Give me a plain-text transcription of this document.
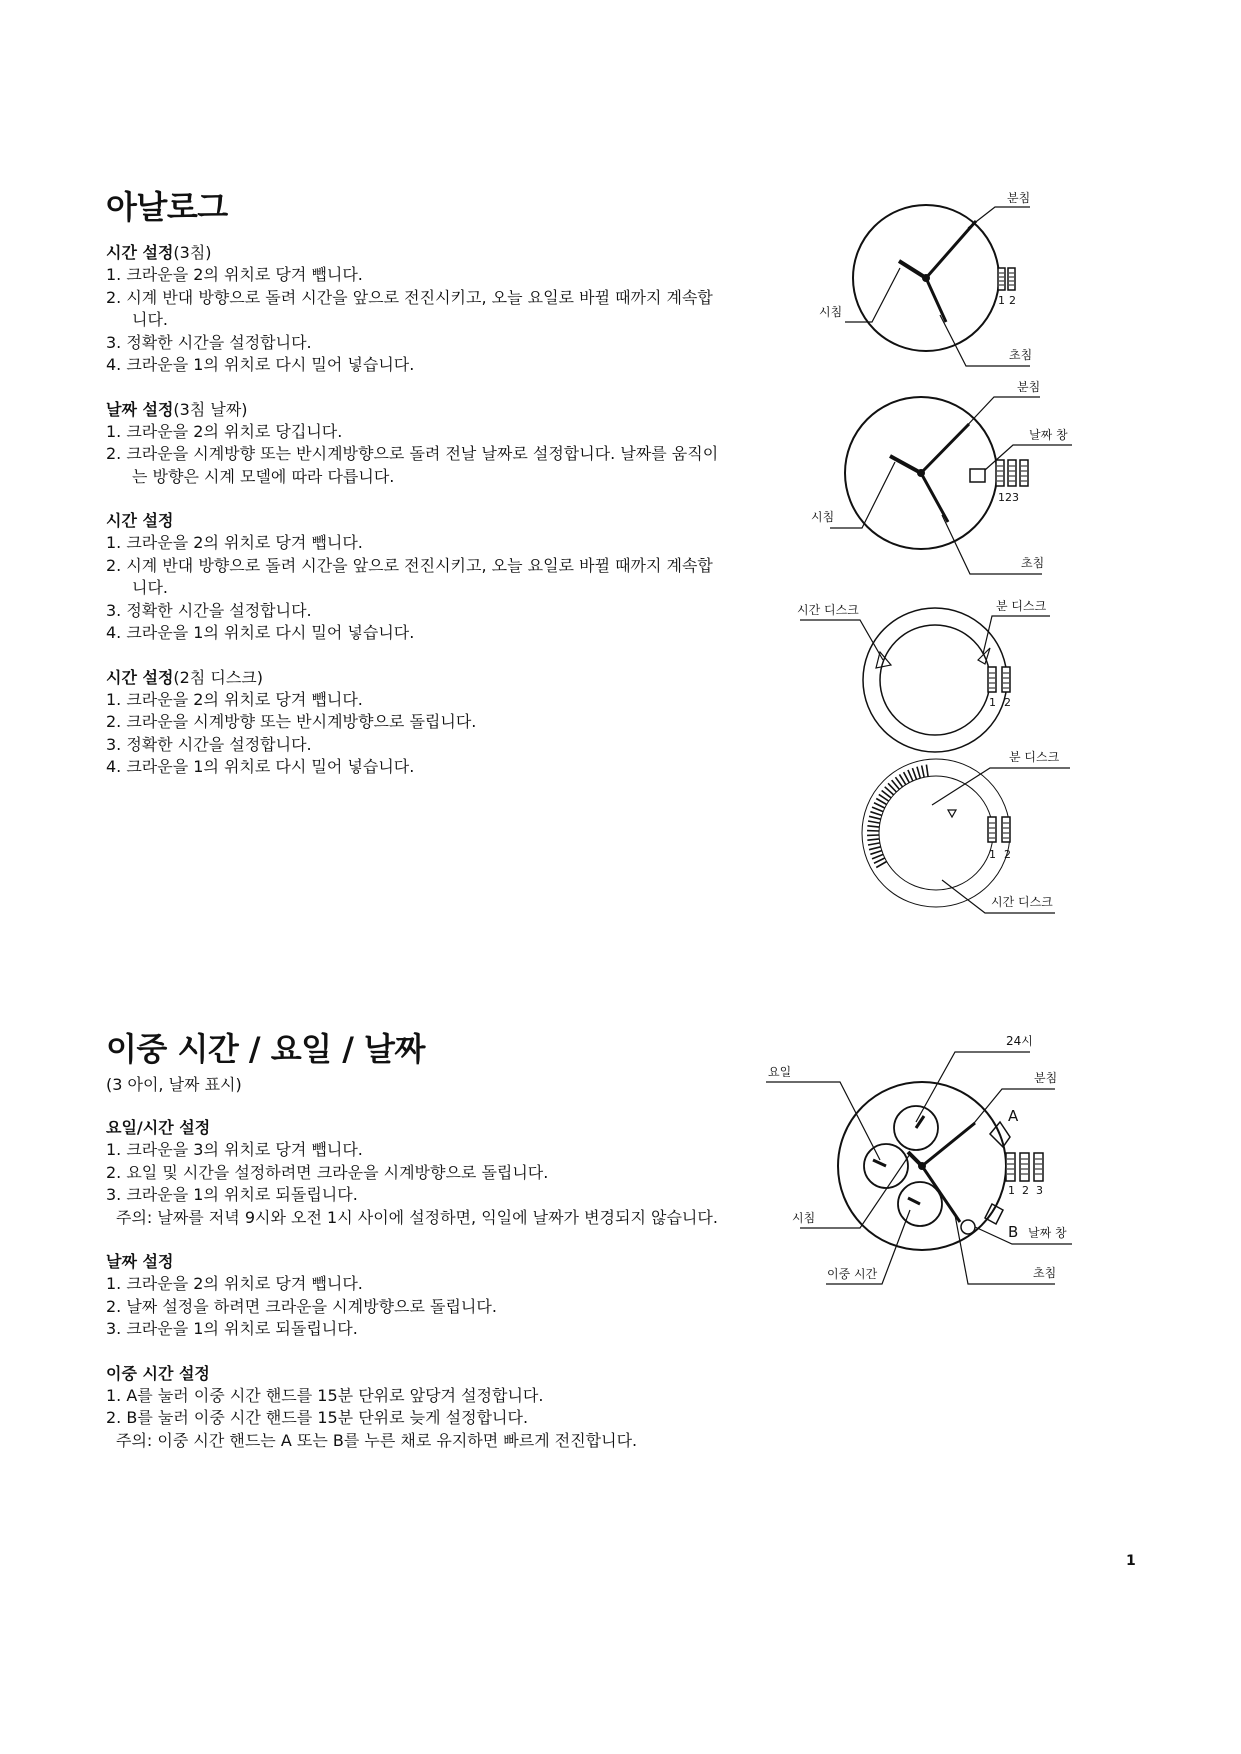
아날로그
시간 설정(3침)
1. 크라운을 2의 위치로 당겨 뺍니다.
2. 시계 반대 방향으로 돌려 시간을 앞으로 전진시키고, 오늘 요일로 바뀔 때까지 계속합니다.
3. 정확한 시간을 설정합니다.
4. 크라운을 1의 위치로 다시 밀어 넣습니다.
날짜 설정(3침 날짜)
1. 크라운을 2의 위치로 당깁니다.
2. 크라운을 시계방향 또는 반시계방향으로 돌려 전날 날짜로 설정합니다. 날짜를 움직이는 방향은 시계 모델에 따라 다릅니다.
시간 설정
1. 크라운을 2의 위치로 당겨 뺍니다.
2. 시계 반대 방향으로 돌려 시간을 앞으로 전진시키고, 오늘 요일로 바뀔 때까지 계속합니다.
3. 정확한 시간을 설정합니다.
4. 크라운을 1의 위치로 다시 밀어 넣습니다.
시간 설정(2침 디스크)
1. 크라운을 2의 위치로 당겨 뺍니다.
2. 크라운을 시계방향 또는 반시계방향으로 돌립니다.
3. 정확한 시간을 설정합니다.
4. 크라운을 1의 위치로 다시 밀어 넣습니다.
이중 시간 / 요일 / 날짜
(3 아이, 날짜 표시)
요일/시간 설정
1. 크라운을 3의 위치로 당겨 뺍니다.
2. 요일 및 시간을 설정하려면 크라운을 시계방향으로 돌립니다.
3. 크라운을 1의 위치로 되돌립니다.
주의: 날짜를 저녁 9시와 오전 1시 사이에 설정하면, 익일에 날짜가 변경되지 않습니다.
날짜 설정
1. 크라운을 2의 위치로 당겨 뺍니다.
2. 날짜 설정을 하려면 크라운을 시계방향으로 돌립니다.
3. 크라운을 1의 위치로 되돌립니다.
이중 시간 설정
1. A를 눌러 이중 시간 핸드를 15분 단위로 앞당겨 설정합니다.
2. B를 눌러 이중 시간 핸드를 15분 단위로 늦게 설정합니다.
주의: 이중 시간 핸드는 A 또는 B를 누른 채로 유지하면 빠르게 전진합니다.
1 2
분침
시침
초침
123
분침
날짜 창
시침
초침
1 2
시간 디스크	분 디스크
1 2
분 디스크
시간 디스크
A
B
1 2 3
24시
요일	분침
시침
날짜 창
이중 시간	초침
1
